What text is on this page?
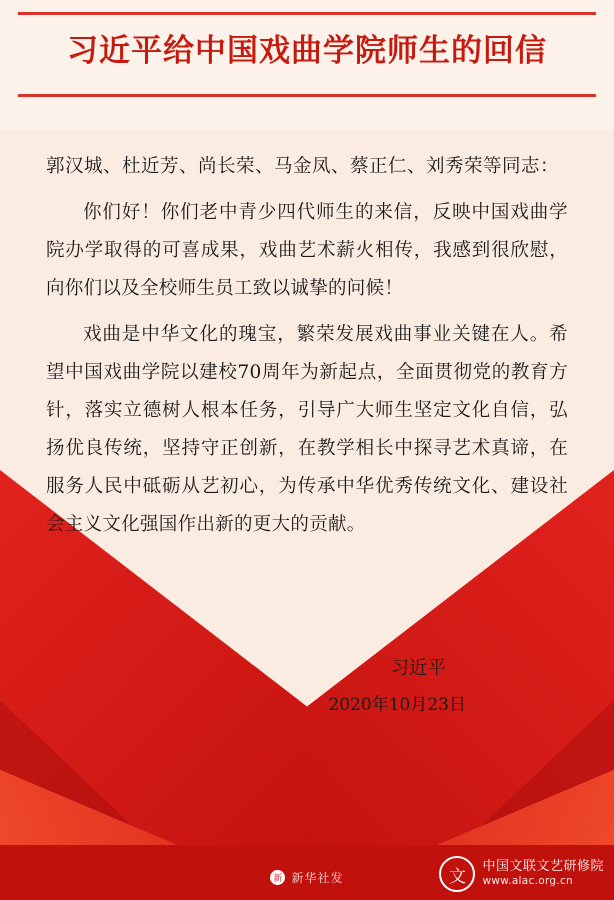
习近平给中国戏曲学院师生的回信
郭汉城、杜近芳、尚长荣、马金凤、蔡正仁、刘秀荣等同志：
你们好！你们老中青少四代师生的来信，反映中国戏曲学院办学取得的可喜成果，戏曲艺术薪火相传，我感到很欣慰，向你们以及全校师生员工致以诚挚的问候！
戏曲是中华文化的瑰宝，繁荣发展戏曲事业关键在人。希望中国戏曲学院以建校70周年为新起点，全面贯彻党的教育方针，落实立德树人根本任务，引导广大师生坚定文化自信，弘扬优良传统，坚持守正创新，在教学相长中探寻艺术真谛，在服务人民中砥砺从艺初心，为传承中华优秀传统文化、建设社会主义文化强国作出新的更大的贡献。
习近平
2020年10月23日
新 新华社发	文	中国文联文艺研修院
www.alac.org.cn
